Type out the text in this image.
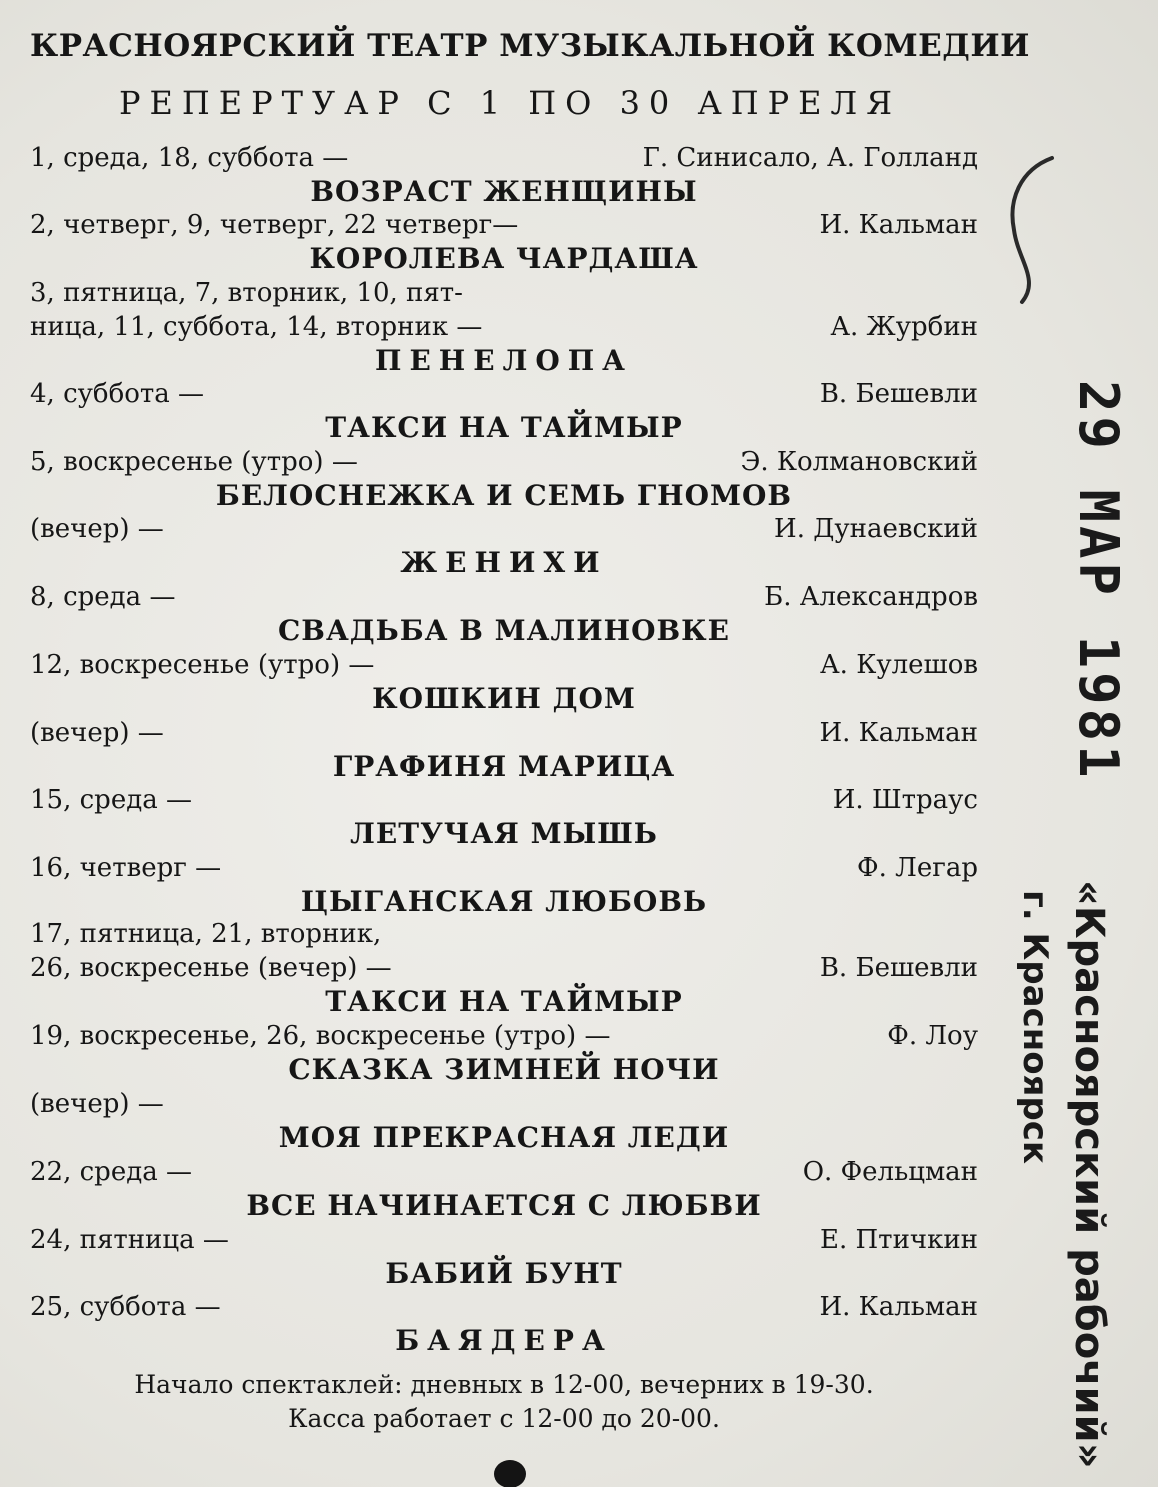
КРАСНОЯРСКИЙ ТЕАТР МУЗЫКАЛЬНОЙ КОМЕДИИ
РЕПЕРТУАР С 1 ПО 30 АПРЕЛЯ
1, среда, 18, суббота —	Г. Синисало, А. Голланд
ВОЗРАСТ ЖЕНЩИНЫ
2, четверг, 9, четверг, 22 четверг—	И. Кальман
КОРОЛЕВА ЧАРДАША
3, пятница, 7, вторник, 10, пят-
ница, 11, суббота, 14, вторник —	А. Журбин
ПЕНЕЛОПА
4, суббота —	В. Бешевли
ТАКСИ НА ТАЙМЫР
5, воскресенье (утро) —	Э. Колмановский
БЕЛОСНЕЖКА И СЕМЬ ГНОМОВ
(вечер) —	И. Дунаевский
ЖЕНИХИ
8, среда —	Б. Александров
СВАДЬБА В МАЛИНОВКЕ
12, воскресенье (утро) —	А. Кулешов
КОШКИН ДОМ
(вечер) —	И. Кальман
ГРАФИНЯ МАРИЦА
15, среда —	И. Штраус
ЛЕТУЧАЯ МЫШЬ
16, четверг —	Ф. Легар
ЦЫГАНСКАЯ ЛЮБОВЬ
17, пятница, 21, вторник,
26, воскресенье (вечер) —	В. Бешевли
ТАКСИ НА ТАЙМЫР
19, воскресенье, 26, воскресенье (утро) —	Ф. Лоу
СКАЗКА ЗИМНЕЙ НОЧИ
(вечер) —
МОЯ ПРЕКРАСНАЯ ЛЕДИ
22, среда —	О. Фельцман
ВСЕ НАЧИНАЕТСЯ С ЛЮБВИ
24, пятница —	Е. Птичкин
БАБИЙ БУНТ
25, суббота —	И. Кальман
БАЯДЕРА
Начало спектаклей: дневных в 12-00, вечерних в 19-30.
Касса работает с 12-00 до 20-00.
29 МАР 1981
«Красноярский рабочий»
г. Красноярск
